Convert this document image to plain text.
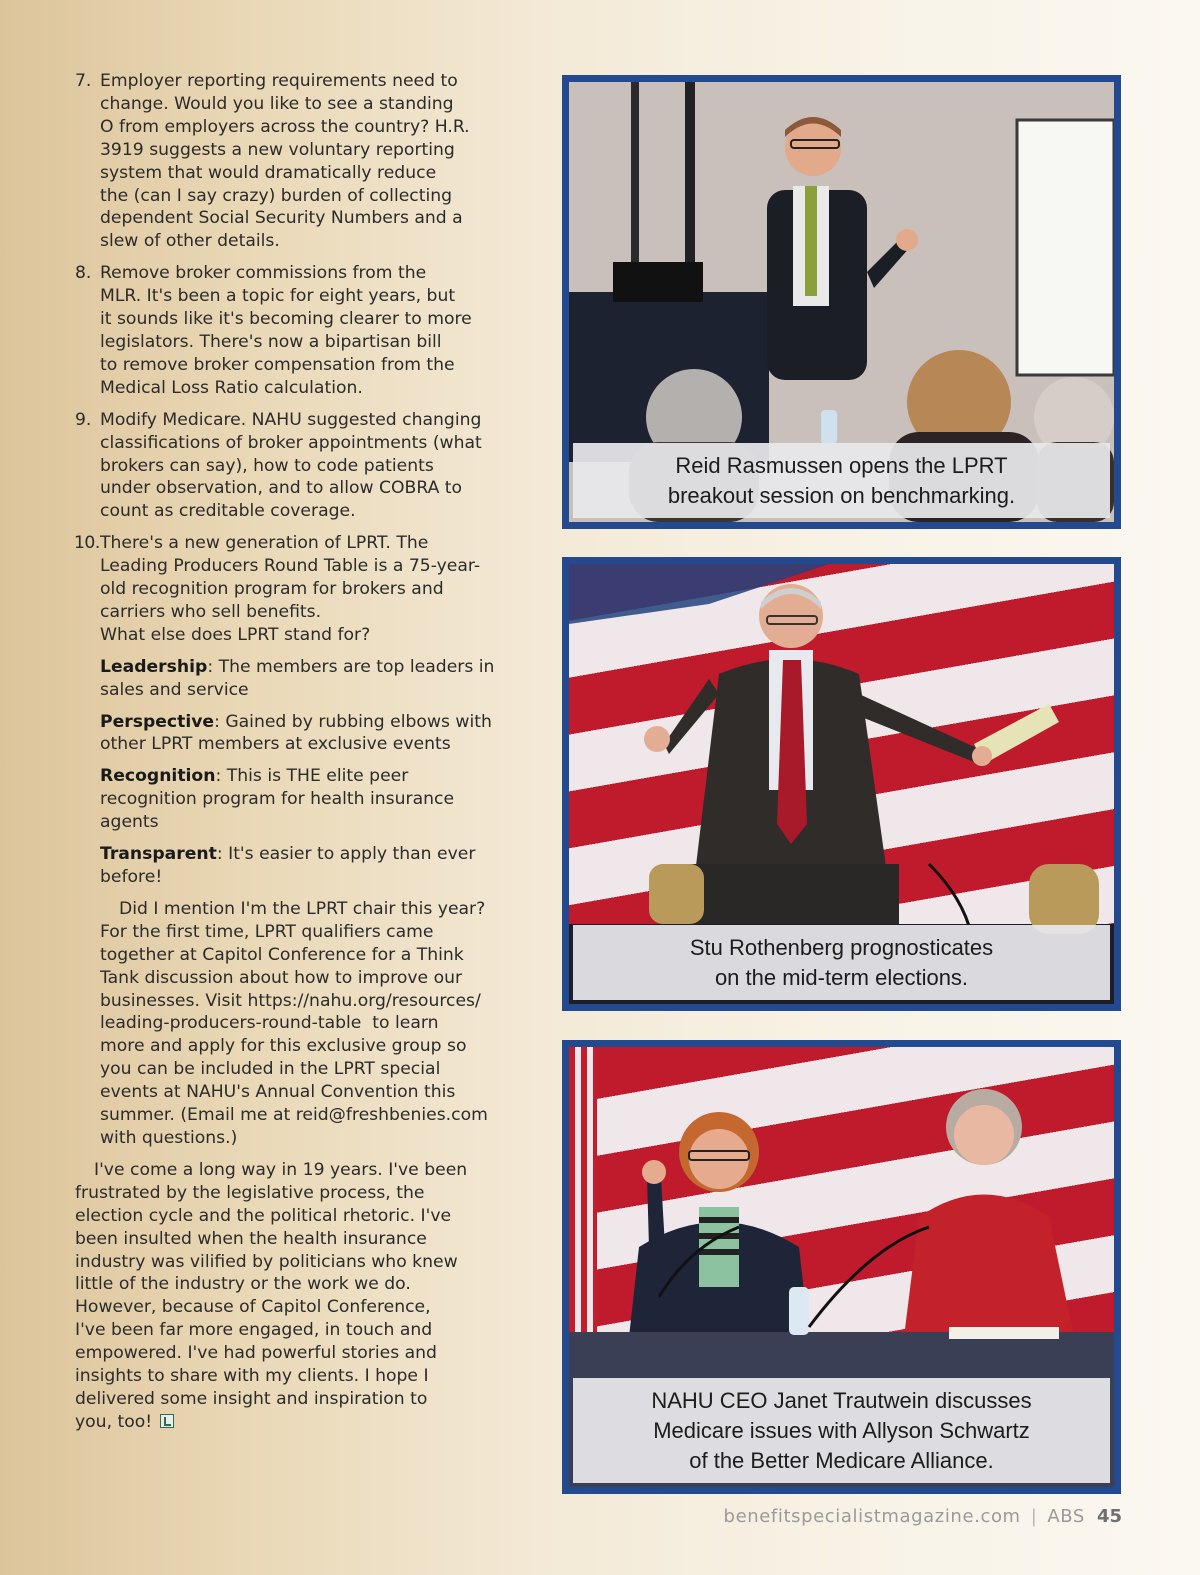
7. Employer reporting requirements need to
change. Would you like to see a standing
O from employers across the country? H.R.
3919 suggests a new voluntary reporting
system that would dramatically reduce
the (can I say crazy) burden of collecting
dependent Social Security Numbers and a
slew of other details.
8. Remove broker commissions from the
MLR. It's been a topic for eight years, but
it sounds like it's becoming clearer to more
legislators. There's now a bipartisan bill
to remove broker compensation from the
Medical Loss Ratio calculation.
9. Modify Medicare. NAHU suggested changing
classifications of broker appointments (what
brokers can say), how to code patients
under observation, and to allow COBRA to
count as creditable coverage.
10. There's a new generation of LPRT. The
Leading Producers Round Table is a 75-year-
old recognition program for brokers and
carriers who sell benefits.
What else does LPRT stand for?
Leadership: The members are top leaders in
sales and service
Perspective: Gained by rubbing elbows with
other LPRT members at exclusive events
Recognition: This is THE elite peer
recognition program for health insurance
agents
Transparent: It's easier to apply than ever
before!
Did I mention I'm the LPRT chair this year?
For the first time, LPRT qualifiers came
together at Capitol Conference for a Think
Tank discussion about how to improve our
businesses. Visit https://nahu.org/resources/
leading-producers-round-table  to learn
more and apply for this exclusive group so
you can be included in the LPRT special
events at NAHU's Annual Convention this
summer. (Email me at reid@freshbenies.com
with questions.)
I've come a long way in 19 years. I've been
frustrated by the legislative process, the
election cycle and the political rhetoric. I've
been insulted when the health insurance
industry was vilified by politicians who knew
little of the industry or the work we do.
However, because of Capitol Conference,
I've been far more engaged, in touch and
empowered. I've had powerful stories and
insights to share with my clients. I hope I
delivered some insight and inspiration to
you, too!
Reid Rasmussen opens the LPRT
breakout session on benchmarking.
Stu Rothenberg prognosticates
on the mid-term elections.
NAHU CEO Janet Trautwein discusses
Medicare issues with Allyson Schwartz
of the Better Medicare Alliance.
benefitspecialistmagazine.com | ABS 45
